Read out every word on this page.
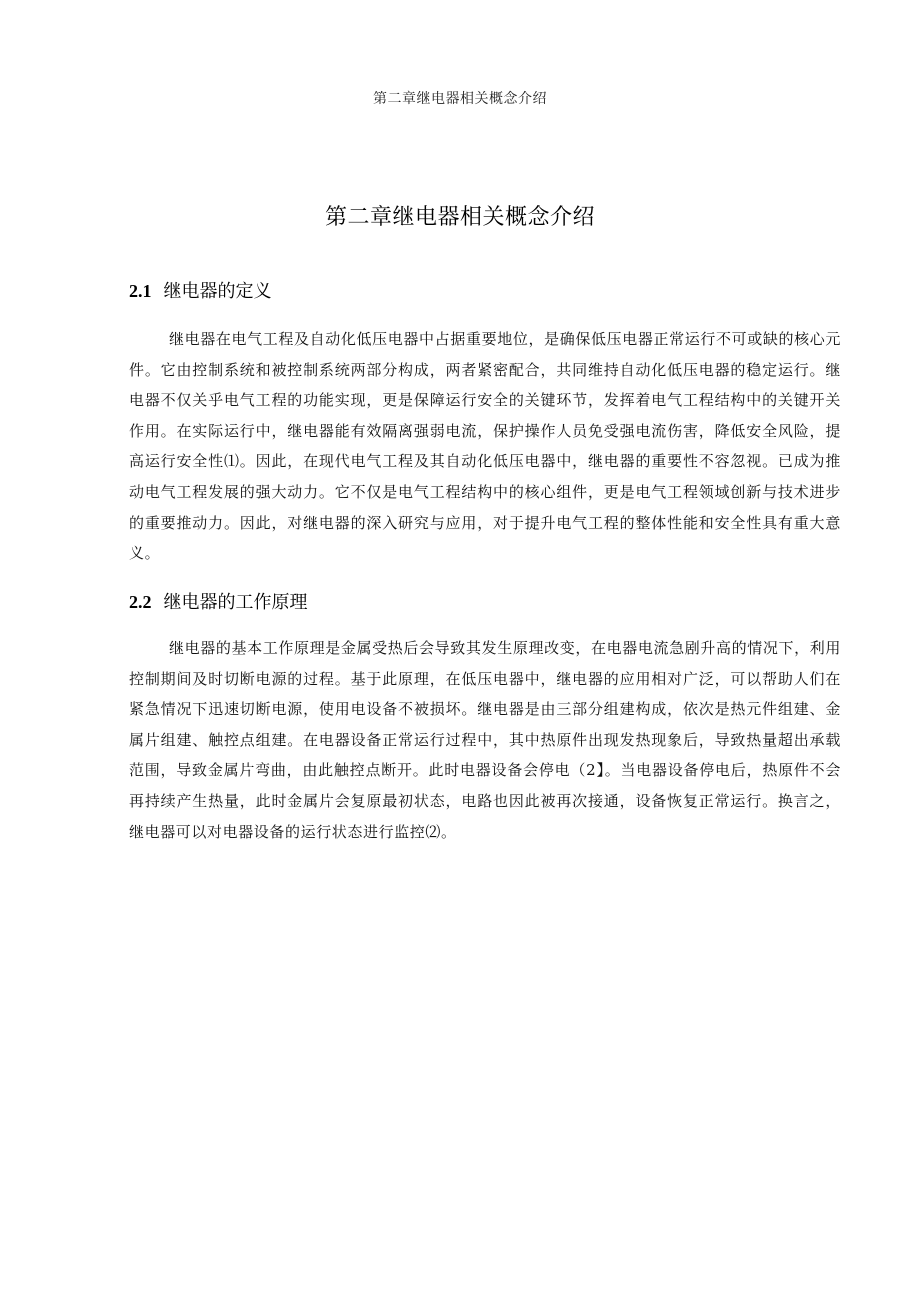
第二章继电器相关概念介绍
第二章继电器相关概念介绍
2.1 继电器的定义

继电器在电气工程及自动化低压电器中占据重要地位，是确保低压电器正常运行不可或缺的核心元件。它由控制系统和被控制系统两部分构成，两者紧密配合，共同维持自动化低压电器的稳定运行。继电器不仅关乎电气工程的功能实现，更是保障运行安全的关键环节，发挥着电气工程结构中的关键开关作用。在实际运行中，继电器能有效隔离强弱电流，保护操作人员免受强电流伤害，降低安全风险，提高运行安全性⑴。因此，在现代电气工程及其自动化低压电器中，继电器的重要性不容忽视。已成为推动电气工程发展的强大动力。它不仅是电气工程结构中的核心组件，更是电气工程领域创新与技术进步的重要推动力。因此，对继电器的深入研究与应用，对于提升电气工程的整体性能和安全性具有重大意义。

2.2 继电器的工作原理

继电器的基本工作原理是金属受热后会导致其发生原理改变，在电器电流急剧升高的情况下，利用控制期间及时切断电源的过程。基于此原理，在低压电器中，继电器的应用相对广泛，可以帮助人们在紧急情况下迅速切断电源，使用电设备不被损坏。继电器是由三部分组建构成，依次是热元件组建、金属片组建、触控点组建。在电器设备正常运行过程中，其中热原件出现发热现象后，导致热量超出承载范围，导致金属片弯曲，由此触控点断开。此时电器设备会停电（2】。当电器设备停电后，热原件不会再持续产生热量，此时金属片会复原最初状态，电路也因此被再次接通，设备恢复正常运行。换言之，继电器可以对电器设备的运行状态进行监控⑵。
